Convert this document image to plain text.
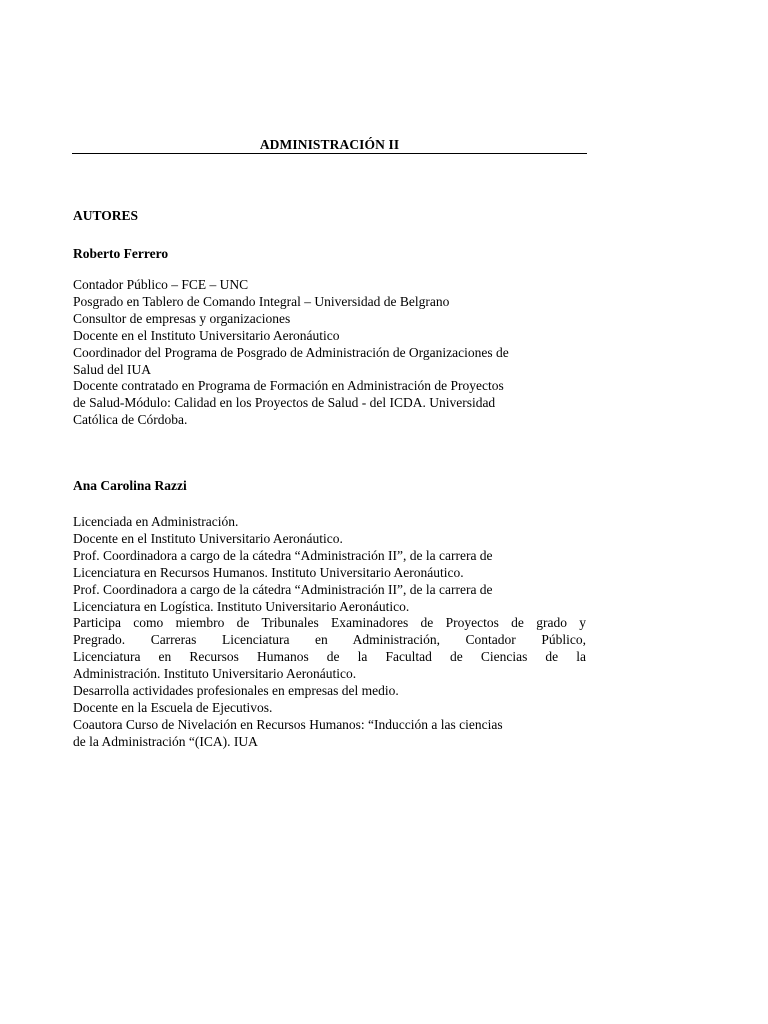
ADMINISTRACIÓN II
AUTORES
Roberto Ferrero
Contador Público – FCE – UNC
Posgrado en Tablero de Comando Integral – Universidad de Belgrano
Consultor de empresas y organizaciones
Docente en el Instituto Universitario Aeronáutico
Coordinador del Programa de Posgrado de Administración de Organizaciones de
Salud del IUA
Docente contratado en Programa de Formación en Administración de Proyectos
de Salud-Módulo: Calidad en los Proyectos de Salud - del ICDA. Universidad
Católica de Córdoba.
Ana Carolina Razzi
Licenciada en Administración.
Docente en el Instituto Universitario Aeronáutico.
Prof. Coordinadora a cargo de la cátedra “Administración II”, de la carrera de
Licenciatura en Recursos Humanos. Instituto Universitario Aeronáutico.
Prof. Coordinadora a cargo de la cátedra “Administración II”, de la carrera de
Licenciatura en Logística. Instituto Universitario Aeronáutico.
Participa como miembro de Tribunales Examinadores de Proyectos de grado y
Pregrado. Carreras Licenciatura en Administración, Contador Público,
Licenciatura en Recursos Humanos de la Facultad de Ciencias de la
Administración. Instituto Universitario Aeronáutico.
Desarrolla actividades profesionales en empresas del medio.
Docente en la Escuela de Ejecutivos.
Coautora Curso de Nivelación en Recursos Humanos: “Inducción a las ciencias
de la Administración “(ICA). IUA
